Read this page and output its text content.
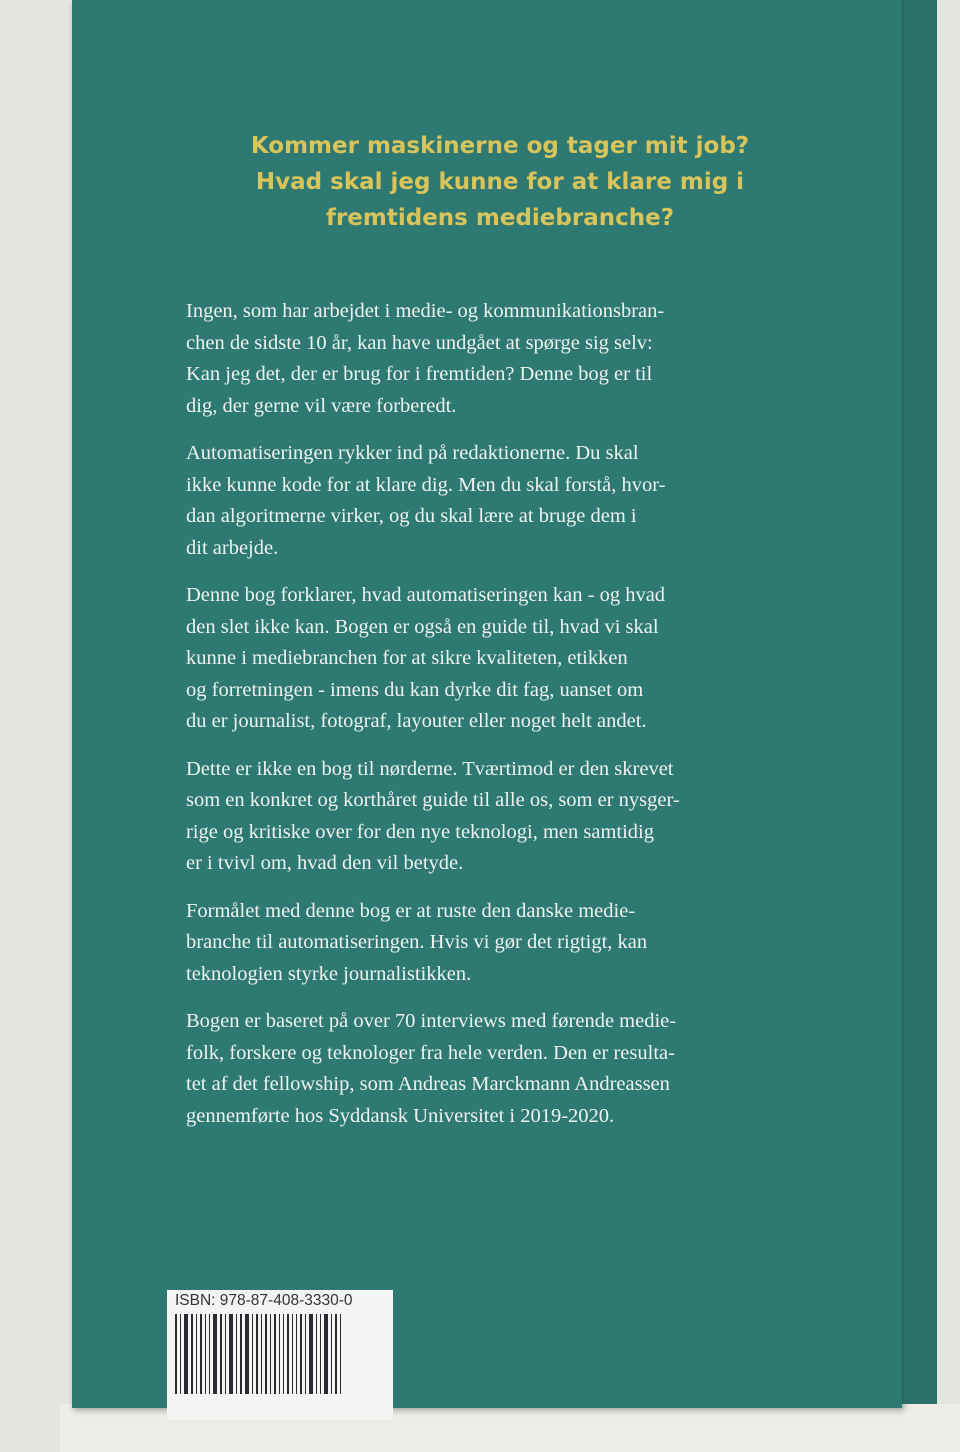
Kommer maskinerne og tager mit job?
Hvad skal jeg kunne for at klare mig i
fremtidens mediebranche?
Ingen, som har arbejdet i medie- og kommunikationsbran-
chen de sidste 10 år, kan have undgået at spørge sig selv:
Kan jeg det, der er brug for i fremtiden? Denne bog er til
dig, der gerne vil være forberedt.
Automatiseringen rykker ind på redaktionerne. Du skal
ikke kunne kode for at klare dig. Men du skal forstå, hvor-
dan algoritmerne virker, og du skal lære at bruge dem i
dit arbejde.
Denne bog forklarer, hvad automatiseringen kan - og hvad
den slet ikke kan. Bogen er også en guide til, hvad vi skal
kunne i mediebranchen for at sikre kvaliteten, etikken
og forretningen - imens du kan dyrke dit fag, uanset om
du er journalist, fotograf, layouter eller noget helt andet.
Dette er ikke en bog til nørderne. Tværtimod er den skrevet
som en konkret og korthåret guide til alle os, som er nysger-
rige og kritiske over for den nye teknologi, men samtidig
er i tvivl om, hvad den vil betyde.
Formålet med denne bog er at ruste den danske medie-
branche til automatiseringen. Hvis vi gør det rigtigt, kan
teknologien styrke journalistikken.
Bogen er baseret på over 70 interviews med førende medie-
folk, forskere og teknologer fra hele verden. Den er resulta-
tet af det fellowship, som Andreas Marckmann Andreassen
gennemførte hos Syddansk Universitet i 2019-2020.
ISBN: 978-87-408-3330-0
